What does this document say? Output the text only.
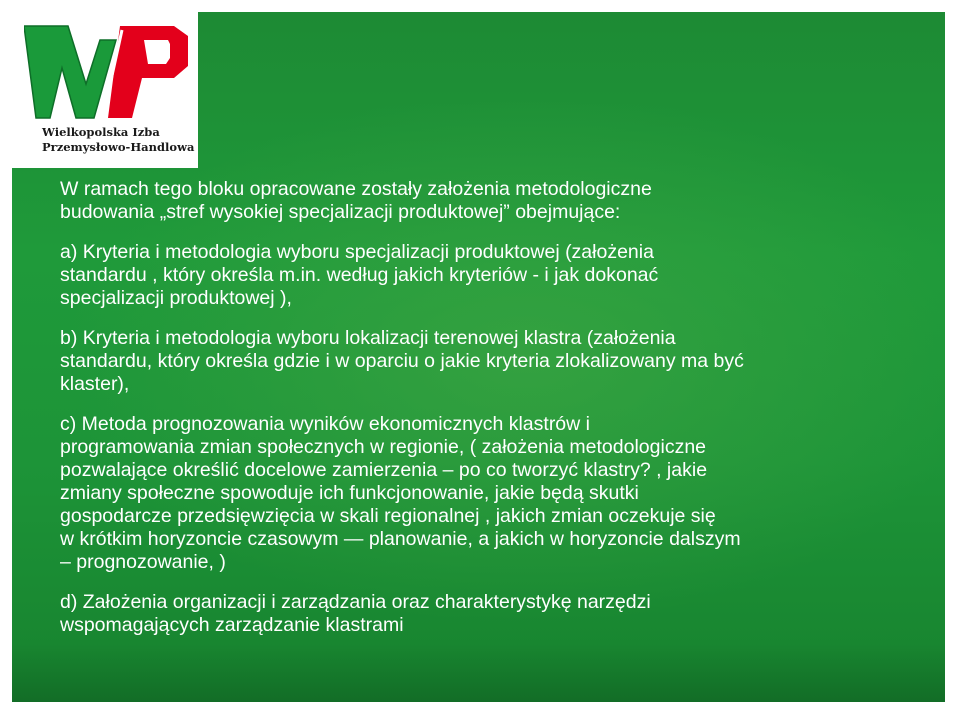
Wielkopolska Izba
Przemysłowo-Handlowa

W ramach tego bloku opracowane zostały założenia metodologiczne
budowania „stref wysokiej specjalizacji produktowej” obejmujące:

a) Kryteria i metodologia wyboru specjalizacji produktowej (założenia
standardu , który określa m.in. według jakich kryteriów - i jak dokonać
specjalizacji produktowej ),

b) Kryteria i metodologia wyboru lokalizacji terenowej klastra (założenia
standardu, który określa gdzie i w oparciu o jakie kryteria zlokalizowany ma być
klaster),

c) Metoda prognozowania wyników ekonomicznych klastrów i
programowania zmian społecznych w regionie, ( założenia metodologiczne
pozwalające określić docelowe zamierzenia – po co tworzyć klastry? , jakie
zmiany społeczne spowoduje ich funkcjonowanie, jakie będą skutki
gospodarcze przedsięwzięcia w skali regionalnej , jakich zmian oczekuje się
w krótkim horyzoncie czasowym — planowanie, a jakich w horyzoncie dalszym
– prognozowanie, )

d) Założenia organizacji i zarządzania oraz charakterystykę narzędzi
wspomagających zarządzanie klastrami
